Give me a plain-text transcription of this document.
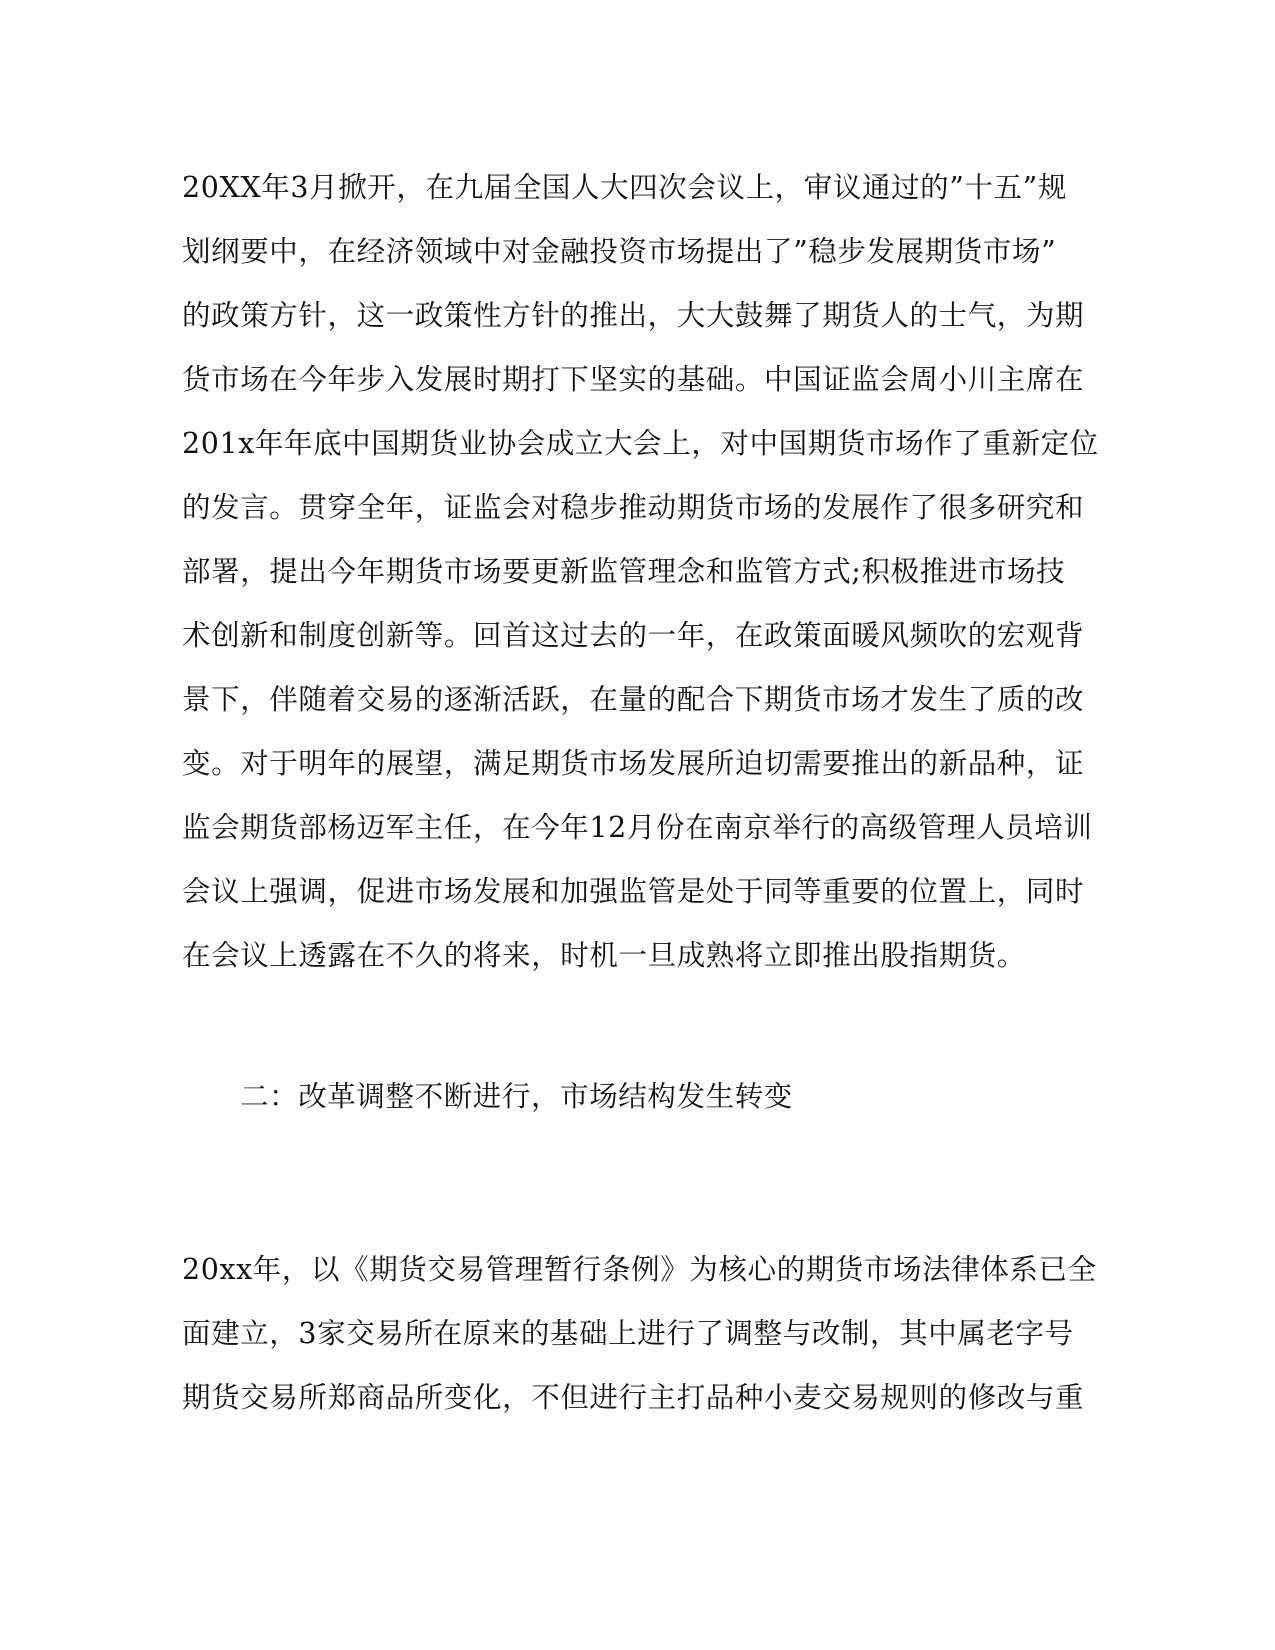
20XX年3月掀开，在九届全国人大四次会议上，审议通过的”十五”规
划纲要中，在经济领域中对金融投资市场提出了”稳步发展期货市场”
的政策方针，这一政策性方针的推出，大大鼓舞了期货人的士气，为期
货市场在今年步入发展时期打下坚实的基础。中国证监会周小川主席在
201x年年底中国期货业协会成立大会上，对中国期货市场作了重新定位
的发言。贯穿全年，证监会对稳步推动期货市场的发展作了很多研究和
部署，提出今年期货市场要更新监管理念和监管方式;积极推进市场技
术创新和制度创新等。回首这过去的一年，在政策面暖风频吹的宏观背
景下，伴随着交易的逐渐活跃，在量的配合下期货市场才发生了质的改
变。对于明年的展望，满足期货市场发展所迫切需要推出的新品种，证
监会期货部杨迈军主任，在今年12月份在南京举行的高级管理人员培训
会议上强调，促进市场发展和加强监管是处于同等重要的位置上，同时
在会议上透露在不久的将来，时机一旦成熟将立即推出股指期货。
二：改革调整不断进行，市场结构发生转变
20xx年，以《期货交易管理暂行条例》为核心的期货市场法律体系已全
面建立，3家交易所在原来的基础上进行了调整与改制，其中属老字号
期货交易所郑商品所变化，不但进行主打品种小麦交易规则的修改与重
